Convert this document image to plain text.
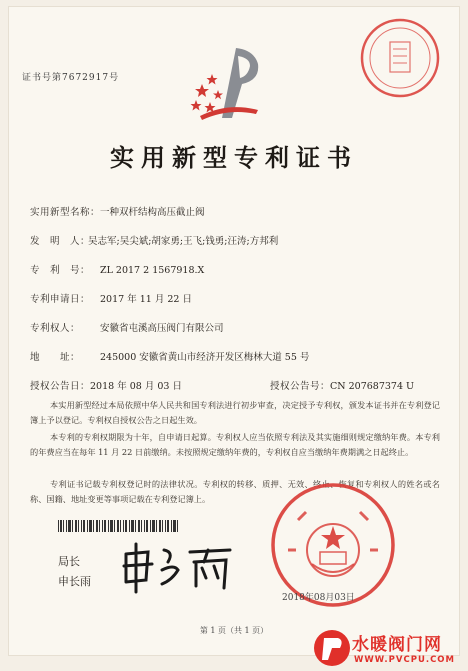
证书号第7672917号
实用新型专利证书
实用新型名称：一种双杆结构高压截止阀
发　明　人：吴志军;吴尖斌;胡家勇;王飞;钱勇;汪涛;方邦利
专　利　号： ZL 2017 2 1567918.X
专利申请日： 2017 年 11 月 22 日
专利权人： 安徽省屯溪高压阀门有限公司
地　　址： 245000 安徽省黄山市经济开发区梅林大道 55 号
授权公告日：2018 年 08 月 03 日	授权公告号：CN 207687374 U
本实用新型经过本局依照中华人民共和国专利法进行初步审查，决定授予专利权，颁发本证书并在专利登记簿上予以登记。专利权自授权公告之日起生效。
本专利的专利权期限为十年，自申请日起算。专利权人应当依照专利法及其实施细则规定缴纳年费。本专利的年费应当在每年 11 月 22 日前缴纳。未按照规定缴纳年费的，专利权自应当缴纳年费期满之日起终止。
专利证书记载专利权登记时的法律状况。专利权的转移、质押、无效、终止、恢复和专利权人的姓名或名称、国籍、地址变更等事项记载在专利登记簿上。
局长
申长雨
2018年08月03日
第 1 页（共 1 页）
水暖阀门网
WWW.PVCPU.COM
